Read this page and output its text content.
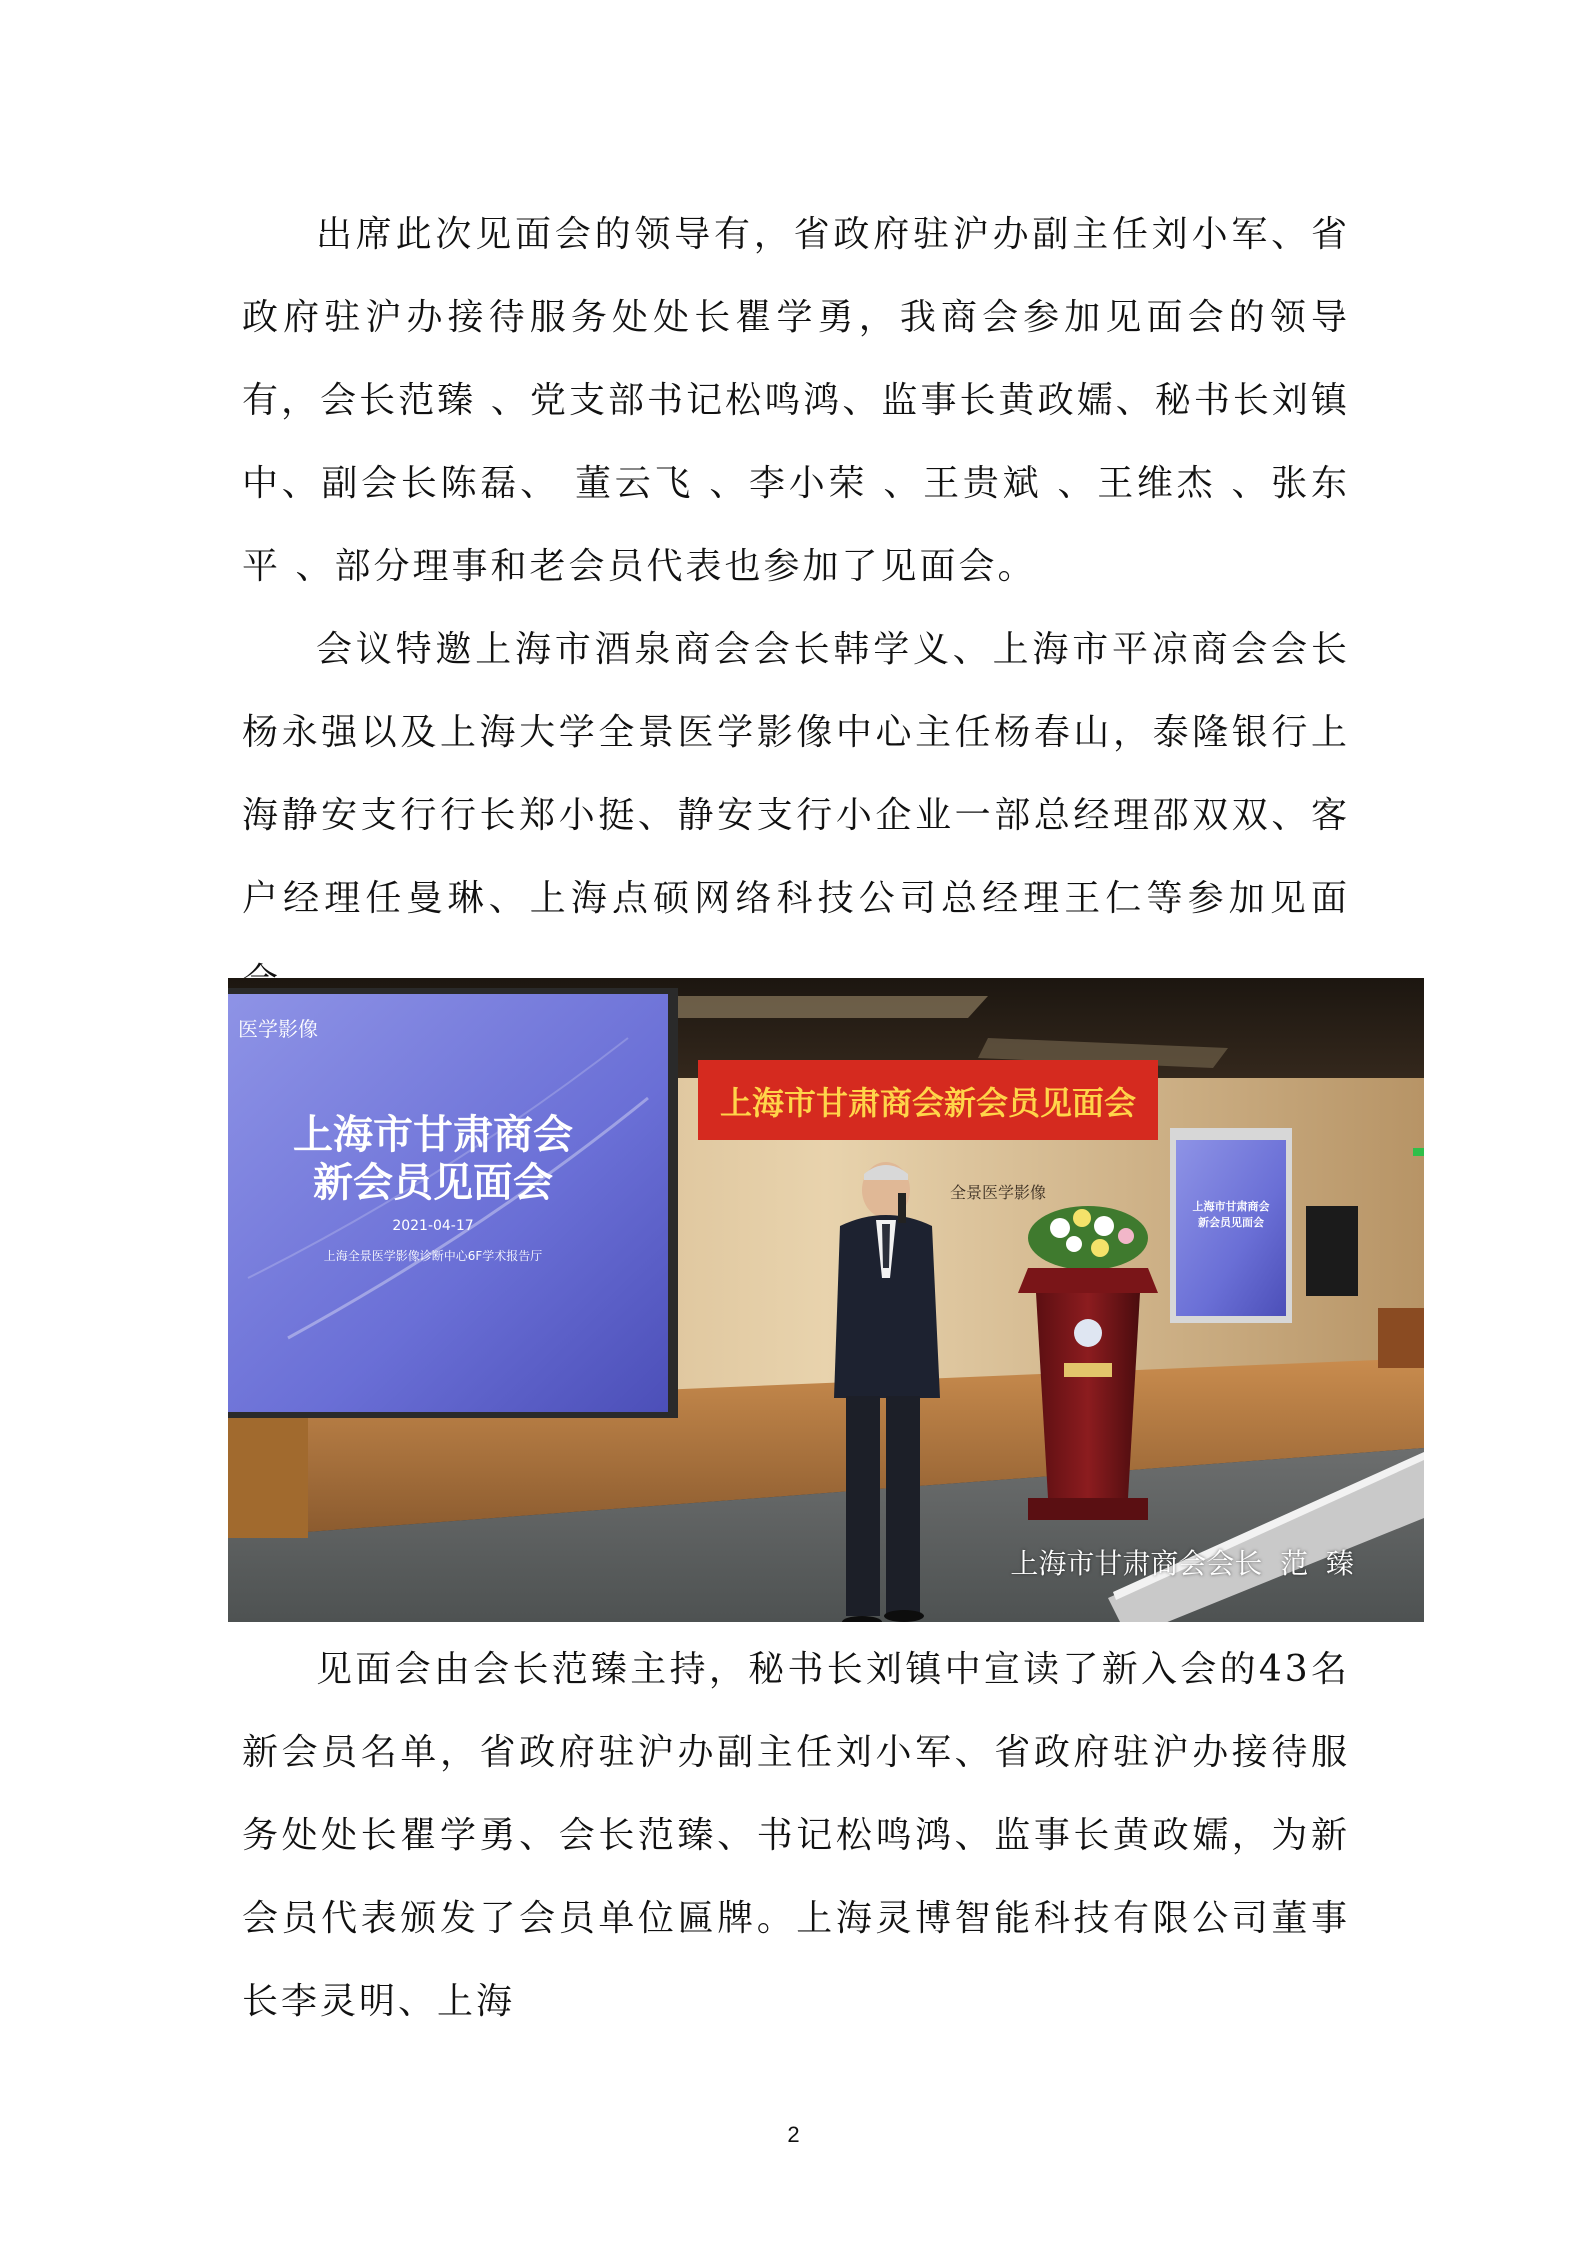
出席此次见面会的领导有，省政府驻沪办副主任刘小军、省政府驻沪办接待服务处处长瞿学勇，我商会参加见面会的领导有，会长范臻 、党支部书记松鸣鸿、监事长黄政嬬、秘书长刘镇中、副会长陈磊、 董云飞 、李小荣 、王贵斌 、王维杰 、张东平 、部分理事和老会员代表也参加了见面会。

会议特邀上海市酒泉商会会长韩学义、上海市平凉商会会长杨永强以及上海大学全景医学影像中心主任杨春山，泰隆银行上海静安支行行长郑小挺、静安支行小企业一部总经理邵双双、客户经理任曼琳、上海点硕网络科技公司总经理王仁等参加见面

医学影像
上海市甘肃商会
新会员见面会
2021-04-17
上海全景医学影像诊断中心6F学术报告厅
上海市甘肃商会新会员见面会
全景医学影像
上海市甘肃商会
新会员见面会
上海市甘肃商会会长  范  臻

见面会由会长范臻主持，秘书长刘镇中宣读了新入会的43名新会员名单，省政府驻沪办副主任刘小军、省政府驻沪办接待服务处处长瞿学勇、会长范臻、书记松鸣鸿、监事长黄政嬬，为新会员代表颁发了会员单位匾牌。上海灵博智能科技有限公司董事长李灵明、上海

2
